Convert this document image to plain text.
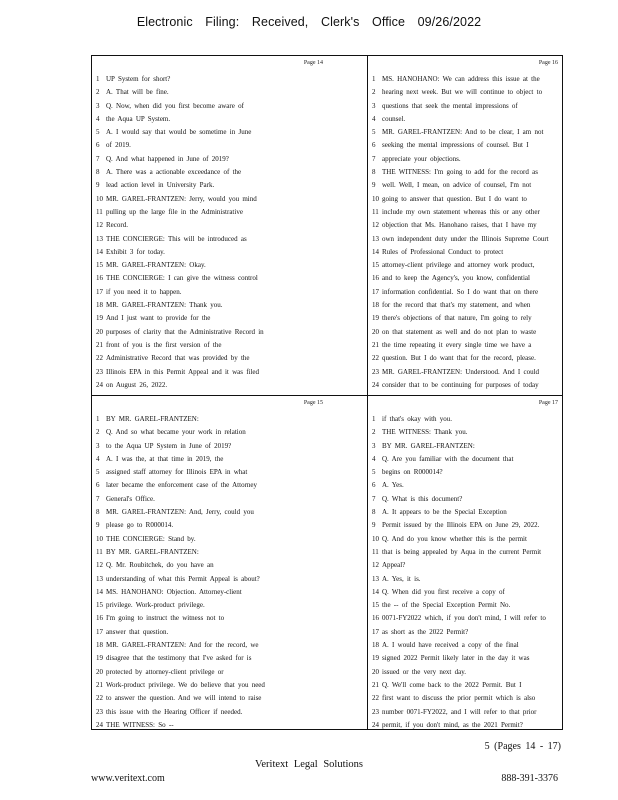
Electronic Filing: Received, Clerk's Office 09/26/2022
Page 14
1 UP System for short?
2 A. That will be fine.
3 Q. Now, when did you first become aware of
4 the Aqua UP System.
5 A. I would say that would be sometime in June
6 of 2019.
7 Q. And what happened in June of 2019?
8 A. There was a actionable exceedance of the
9 lead action level in University Park.
10 MR. GAREL-FRANTZEN: Jerry, would you mind
11 pulling up the large file in the Administrative
12 Record.
13 THE CONCIERGE: This will be introduced as
14 Exhibit 3 for today.
15 MR. GAREL-FRANTZEN: Okay.
16 THE CONCIERGE: I can give the witness control
17 if you need it to happen.
18 MR. GAREL-FRANTZEN: Thank you.
19 And I just want to provide for the
20 purposes of clarity that the Administrative Record in
21 front of you is the first version of the
22 Administrative Record that was provided by the
23 Illinois EPA in this Permit Appeal and it was filed
24 on August 26, 2022.
Page 16
1 MS. HANOHANO: We can address this issue at the
2 hearing next week. But we will continue to object to
3 questions that seek the mental impressions of
4 counsel.
5 MR. GAREL-FRANTZEN: And to be clear, I am not
6 seeking the mental impressions of counsel. But I
7 appreciate your objections.
8 THE WITNESS: I'm going to add for the record as
9 well. Well, I mean, on advice of counsel, I'm not
10 going to answer that question. But I do want to
11 include my own statement whereas this or any other
12 objection that Ms. Hanohano raises, that I have my
13 own independent duty under the Illinois Supreme Court
14 Rules of Professional Conduct to protect
15 attorney-client privilege and attorney work product,
16 and to keep the Agency's, you know, confidential
17 information confidential. So I do want that on there
18 for the record that that's my statement, and when
19 there's objections of that nature, I'm going to rely
20 on that statement as well and do not plan to waste
21 the time repeating it every single time we have a
22 question. But I do want that for the record, please.
23 MR. GAREL-FRANTZEN: Understood. And I could
24 consider that to be continuing for purposes of today
Page 15
1 BY MR. GAREL-FRANTZEN:
2 Q. And so what became your work in relation
3 to the Aqua UP System in June of 2019?
4 A. I was the, at that time in 2019, the
5 assigned staff attorney for Illinois EPA in what
6 later became the enforcement case of the Attorney
7 General's Office.
8 MR. GAREL-FRANTZEN: And, Jerry, could you
9 please go to R000014.
10 THE CONCIERGE: Stand by.
11 BY MR. GAREL-FRANTZEN:
12 Q. Mr. Roubitchek, do you have an
13 understanding of what this Permit Appeal is about?
14 MS. HANOHANO: Objection. Attorney-client
15 privilege. Work-product privilege.
16 I'm going to instruct the witness not to
17 answer that question.
18 MR. GAREL-FRANTZEN: And for the record, we
19 disagree that the testimony that I've asked for is
20 protected by attorney-client privilege or
21 Work-product privilege. We do believe that you need
22 to answer the question. And we will intend to raise
23 this issue with the Hearing Officer if needed.
24 THE WITNESS: So --
Page 17
1 if that's okay with you.
2 THE WITNESS: Thank you.
3 BY MR. GAREL-FRANTZEN:
4 Q. Are you familiar with the document that
5 begins on R000014?
6 A. Yes.
7 Q. What is this document?
8 A. It appears to be the Special Exception
9 Permit issued by the Illinois EPA on June 29, 2022.
10 Q. And do you know whether this is the permit
11 that is being appealed by Aqua in the current Permit
12 Appeal?
13 A. Yes, it is.
14 Q. When did you first receive a copy of
15 the -- of the Special Exception Permit No.
16 0071-FY2022 which, if you don't mind, I will refer to
17 as short as the 2022 Permit?
18 A. I would have received a copy of the final
19 signed 2022 Permit likely later in the day it was
20 issued or the very next day.
21 Q. We'll come back to the 2022 Permit. But I
22 first want to discuss the prior permit which is also
23 number 0071-FY2022, and I will refer to that prior
24 permit, if you don't mind, as the 2021 Permit?
5 (Pages 14 - 17)
Veritext Legal Solutions
www.veritext.com	888-391-3376
